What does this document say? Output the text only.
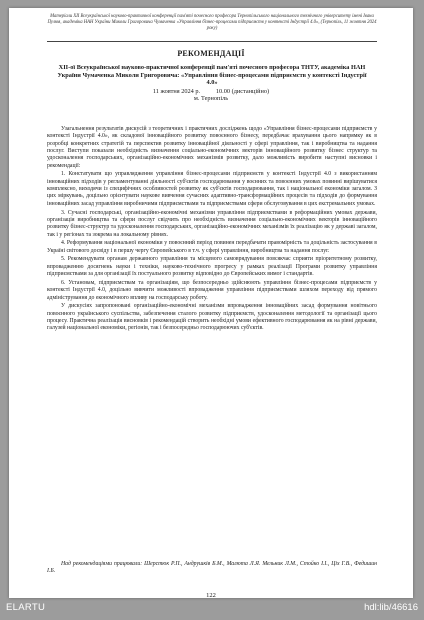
Матеріали XII Всеукраїнської науково-практичної конференції пам'яті почесного професора Тернопільського національного технічного університету імені Івана Пулюя, академіка НАН України Миколи Григоровича Чумаченка «Управління бізнес-процесами підприємств у контексті Індустрії 4.0», (Тернопіль, 11 жовтня 2024 року)
РЕКОМЕНДАЦІЇ
XII-ої Всеукраїнської науково-практичної конференції пам'яті почесного професора ТНТУ, академіка НАН України Чумаченка Миколи Григоровича: «Управління бізнес-процесами підприємств у контексті Індустрії 4.0»
11 жовтня 2024 р.          10.00 (дистанційно)
м. Тернопіль

Узагальнення результатів дискусій з теоретичних і практичних досліджень щодо «Управління бізнес-процесами підприємств у контексті Індустрії 4.0», як складової інноваційного розвитку повоєнного бізнесу, передбачає врахування цього напрямку як в розробці конкретних стратегій та перспектив розвитку інноваційної діяльності у сфері управління, так і виробництва та надання послуг. Виступи показали необхідність визначення соціально-економічних векторів інноваційного розвитку бізнес структур та удосконалення господарських, організаційно-економічних механізмів розвитку, дало можливість виробити наступні висновки і рекомендації:

1. Констатувати що управлядження управління бізнес-процесами підприємств у контексті Індустрії 4.0 з використанням інноваційних підходів у регламентуванні діяльності суб'єктів господарювання у воєнних та повоєнних умовах повинні вирішуватися комплексно, виходячи із специфічних особливостей розвитку як суб'єктів господарювання, так і національної економіки загалом. З цих міркувань, доцільно орієнтувати наукове вивчення сучасних адаптивно-трансформаційних процесів та підходів до формування інноваційних засад управління виробничими підприємствами та підприємствами сфери обслуговування в цих екстремальних умовах.

3. Сучасні господарські, організаційно-економічні механізми управління підприємствами в реформаційних умовах держави, організація виробництва та сфери послуг свідчить про необхідність визначення соціально-економічних векторів інноваційного розвитку бізнес-структур та удосконалення господарських, організаційно-економічних механізмів їх реалізацію як у державі загалом, так і у регіонах та зокрема на локальному рівнях.

4. Реформування національної економіки у повоєнний період повинен передбачати правомірність та доцільність застосування в Україні світового досвіду і в першу чергу Європейського в т.ч. у сфері управління, виробництва та надання послуг.

5. Рекомендувати органам державного управління та місцевого самоврядування повсякчас сприяти пріоритетному розвитку, впровадженню досягнень науки і техніки, науково-технічного прогресу у рамках реалізації Програми розвитку управління підприємствами за для організації їх постуального розвитку відповідно до Європейських вимог і стандартів.

6. Установам, підприємствам та організаціям, що безпосередньо здійснюють управління бізнес-процесами підприємств у контексті Індустрії 4.0, доцільно вивчити можливості впровадження управління підприємствами шляхом переходу від прямого адміністрування до економічного впливу на господарську роботу.

У дискусіях запропоновані організаційно-економічні механізми впровадження інноваційних засад формування новітнього повоєнного українського суспільства, забезпечення сталого розвитку підприємств, удосконалення методології та організації цього процесу. Практична реалізація висновків і рекомендацій створить необхідні умови ефективного господарювання як на рівні держави, галузей національної економіки, регіонів, так і безпосередньо господарюючих суб'єктів.

Над рекомендаціями працювали: Шерстюк Р.П., Андрушків Б.М., Малюта Л.Я. Мельник Л.М., Стойко І.І., Ціх Г.В., Федишин І.Б.
122
ELARTU	hdl:lib/46616
